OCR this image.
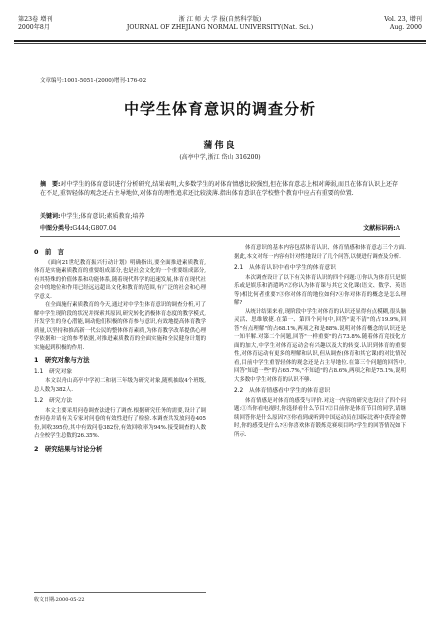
第23卷 增刊
2000年8月
浙 江 师 大 学 报(自然科学版)
JOURNAL OF ZHEJIANG NORMAL UNIVERSITY(Nat. Sci.)
Vol. 23, 增刊
Aug. 2000
文章编号:1001-5051-(2000)增刊-176-02
中学生体育意识的调查分析
蒲伟良
(高亭中学,浙江 岱山 316200)
摘　要:对中学生的体育意识进行分析研究,结果表明,大多数学生的对体育情感比较强烈,但在体育意志上相对薄弱,而且在体育认识上还存在不足,重智轻体的观念还占主导地位,对体育的理性追求还比较淡薄.指出体育意识在学校整个教育中应占有重要的位置.
关键词:中学生;体育意识;素质教育;培养
中图分类号:G444;G807.04	文献标识码:A
0　前　言
《面向21世纪教育振兴行动计划》明确指出,要全面推进素质教育,体育是实施素质教育的重要组成部分,也是社会文化的一个重要组成部分,有其特殊的价值体系和功能体系,随着现代科学的迅速发展,体育在现代社会中的地位和作用已经远远超出文化和教育的范围,有广泛的社会和心理学意义.
在全面施行素质教育的今天,通过对中学生体育意识的调查分析,可了解中学生现阶段的状况并探索其原因,研究转化消极体育态度的教学模式,开发学生的身心潜能,调动他们积极的体育参与意识,有效地提高体育教学质量,以坚持和推高新一代公民的整体体育素质,为体育教学改革提供心理学依据和一定的参考依据,对推进素质教育的全面实施和全民健身计划的实施起到积极的作用.
1　研究对象与方法
1.1　研究对象
本文以舟山高亭中学初二和初三年级为研究对象,随机抽取4个班级,总人数为382人.
1.2　研究方法
本文主要采用问卷调查法进行了调查.根据研究任务的需要,设计了调查问卷并请有关专家对问卷的有效性进行了检验.本调查共发放问卷405份,回收395份,其中有效问卷382份,有效回收率为94%.接受调查的人数占全校学生总数的26.35%.
2　研究结果与讨论分析
体育意识的基本内容包括体育认识、体育情感和体育意志三个方面.据此,本文对每一内容有针对性地设计了几个问答,以便进行调查及分析.
2.1　从体育认识中看中学生的体育意识
本次调查设计了以下有关体育认识的四个问题:①你认为体育只是娱乐或是娱乐和消遣吗?②你认为体育课与其它文化课(语文、数学、英语等)相比何者重要?③你对体育的地位如何?④你对体育的概念是怎么理解?
从统计结果来看,现阶段中学生对体育的认识还显得有点模糊,很头脑灵活、思维敏捷.在第一、第四个问句中,回答"说不清"的占19.9%,回答"有点理解"的占68.1%,两项之和是88%.说明对体育概念的认识还是一知半解.对第二个问题,回答"一样重要"的占73.8%.随着体育竞技化方面的加大,中学生对体育运动会有兴趣以及大的转变.认识到体育的重要性,对体育运动有更多的理解和认识,但从调查(体育和其它课)的对比情况看,目前中学生重智轻体的观念还是占主导地位.在第三个问题的回答中,回答"知道一些"的占65.7%,"不知道"的占8.6%,两项之和是75.1%,说明大多数中学生对体育的认识不够.
2.2　从体育情感看中学生的体育意识
体育情感是对体育的感受与评价.对这一内容的研究也设计了四个问题:①当你看电视时,你选择看什么节目?②目前你是体育节目的同学,请继续回答你是什么原因?③你看到或听到中国运动员在国际比赛中获得金牌时,你的感受是什么?④你喜欢体育锻炼竞赛项目吗?学生的回答情况如下所示.
收文日期:2000-05-22
